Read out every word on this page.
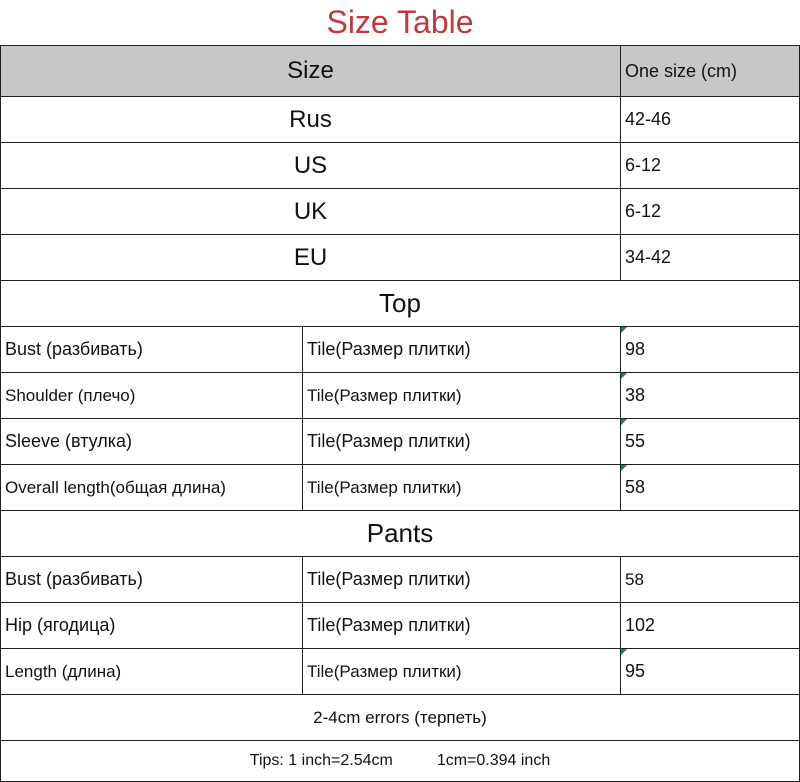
Size Table
Size		One size (cm)
Rus		42-46
US		6-12
UK		6-12
EU		34-42
Top		
Bust (разбивать)	Tile(Размер плитки)	98
Shoulder (плечо)	Tile(Размер плитки)	38
Sleeve (втулка)	Tile(Размер плитки)	55
Overall length(общая длина)	Tile(Размер плитки)	58
Pants		
Bust (разбивать)	Tile(Размер плитки)	58
Hip (ягодица)	Tile(Размер плитки)	102
Length (длина)	Tile(Размер плитки)	95
2-4cm errors (терпеть)		
Tips: 1 inch=2.54cm 1cm=0.394 inch		
